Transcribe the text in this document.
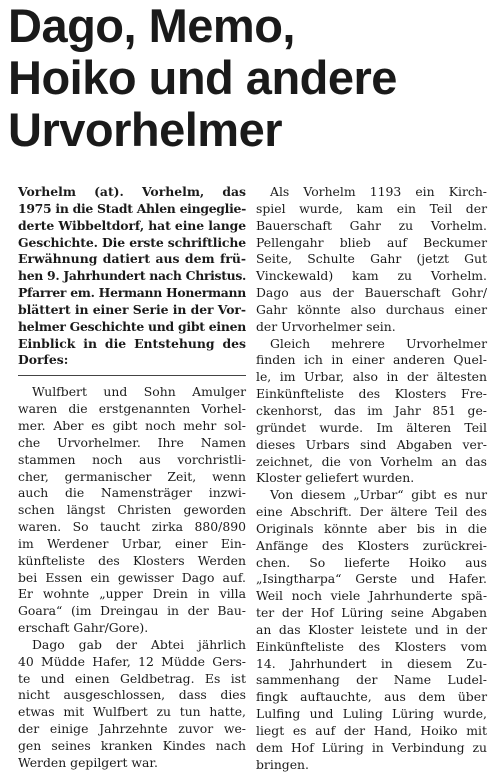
Dago, Memo,
Hoiko und andere
Urvorhelmer
Vorhelm (at). Vorhelm, das
1975 in die Stadt Ahlen eingeglie-
derte Wibbeltdorf, hat eine lange
Geschichte. Die erste schriftliche
Erwähnung datiert aus dem frü-
hen 9. Jahrhundert nach Christus.
Pfarrer em. Hermann Honermann
blättert in einer Serie in der Vor-
helmer Geschichte und gibt einen
Einblick in die Entstehung des
Dorfes:
Wulfbert und Sohn Amulger
waren die erstgenannten Vorhel-
mer. Aber es gibt noch mehr sol-
che Urvorhelmer. Ihre Namen
stammen noch aus vorchristli-
cher, germanischer Zeit, wenn
auch die Namensträger inzwi-
schen längst Christen geworden
waren. So taucht zirka 880/890
im Werdener Urbar, einer Ein-
künfteliste des Klosters Werden
bei Essen ein gewisser Dago auf.
Er wohnte „upper Drein in villa
Goara“ (im Dreingau in der Bau-
erschaft Gahr/Gore).
Dago gab der Abtei jährlich
40 Müdde Hafer, 12 Müdde Gers-
te und einen Geldbetrag. Es ist
nicht ausgeschlossen, dass dies
etwas mit Wulfbert zu tun hatte,
der einige Jahrzehnte zuvor we-
gen seines kranken Kindes nach
Werden gepilgert war.
Als Vorhelm 1193 ein Kirch-
spiel wurde, kam ein Teil der
Bauerschaft Gahr zu Vorhelm.
Pellengahr blieb auf Beckumer
Seite, Schulte Gahr (jetzt Gut
Vinckewald) kam zu Vorhelm.
Dago aus der Bauerschaft Gohr/
Gahr könnte also durchaus einer
der Urvorhelmer sein.
Gleich mehrere Urvorhelmer
finden ich in einer anderen Quel-
le, im Urbar, also in der ältesten
Einkünfteliste des Klosters Fre-
ckenhorst, das im Jahr 851 ge-
gründet wurde. Im älteren Teil
dieses Urbars sind Abgaben ver-
zeichnet, die von Vorhelm an das
Kloster geliefert wurden.
Von diesem „Urbar“ gibt es nur
eine Abschrift. Der ältere Teil des
Originals könnte aber bis in die
Anfänge des Klosters zurückrei-
chen. So lieferte Hoiko aus
„Isingtharpa“ Gerste und Hafer.
Weil noch viele Jahrhunderte spä-
ter der Hof Lüring seine Abgaben
an das Kloster leistete und in der
Einkünfteliste des Klosters vom
14. Jahrhundert in diesem Zu-
sammenhang der Name Ludel-
fingk auftauchte, aus dem über
Lulfing und Luling Lüring wurde,
liegt es auf der Hand, Hoiko mit
dem Hof Lüring in Verbindung zu
bringen.
